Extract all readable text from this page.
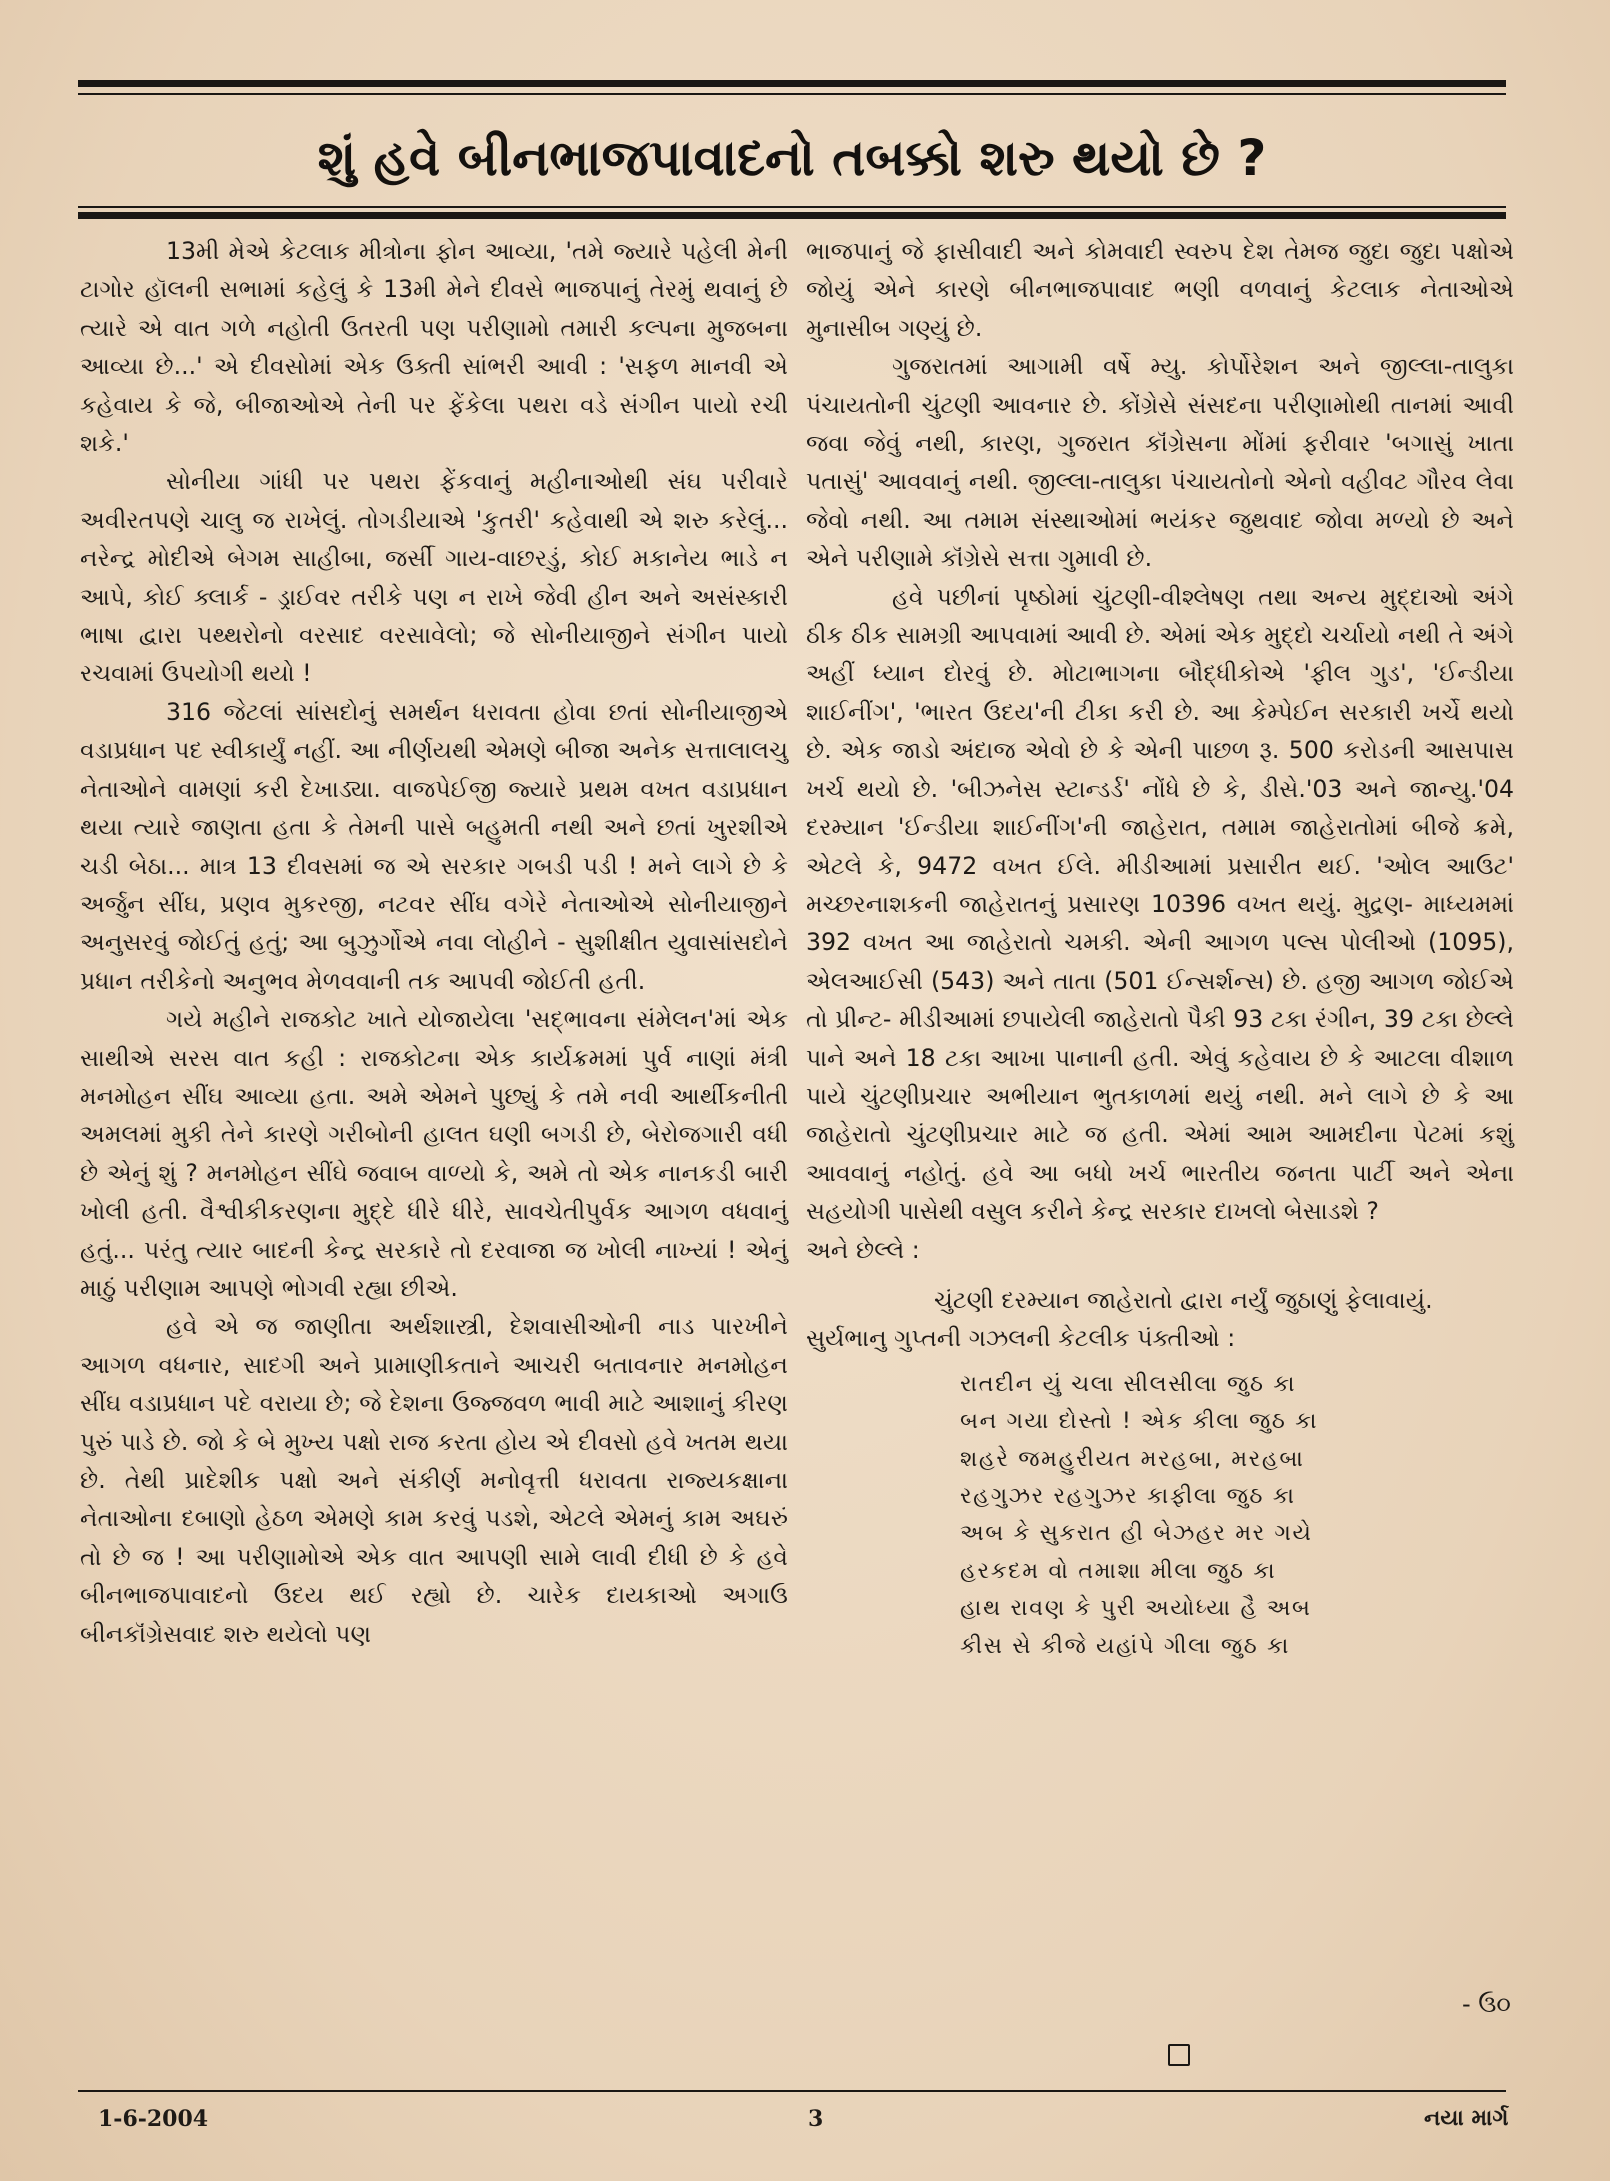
શું હવે બીનભાજપાવાદનો તબક્કો શરુ થયો છે ?

13મી મેએ કેટલાક મીત્રોના ફોન આવ્યા, 'તમે જ્યારે પહેલી મેની ટાગોર હૉલની સભામાં કહેલું કે 13મી મેને દીવસે ભાજપાનું તેરમું થવાનું છે ત્યારે એ વાત ગળે નહોતી ઉતરતી પણ પરીણામો તમારી કલ્પના મુજબના આવ્યા છે...' એ દીવસોમાં એક ઉક્તી સાંભરી આવી : 'સફળ માનવી એ કહેવાય કે જે, બીજાઓએ તેની પર ફેંકેલા પથરા વડે સંગીન પાયો રચી શકે.'

સોનીયા ગાંધી પર પથરા ફેંકવાનું મહીનાઓથી સંઘ પરીવારે અવીરતપણે ચાલુ જ રાખેલું. તોગડીયાએ 'કુતરી' કહેવાથી એ શરુ કરેલું... નરેન્દ્ર મોદીએ બેગમ સાહીબા, જર્સી ગાય-વાછરડું, કોઈ મકાનેય ભાડે ન આપે, કોઈ ક્લાર્ક - ડ્રાઈવર તરીકે પણ ન રાખે જેવી હીન અને અસંસ્કારી ભાષા દ્વારા પથ્થરોનો વરસાદ વરસાવેલો; જે સોનીયાજીને સંગીન પાયો રચવામાં ઉપયોગી થયો !

316 જેટલાં સાંસદોનું સમર્થન ધરાવતા હોવા છતાં સોનીયાજીએ વડાપ્રધાન પદ સ્વીકાર્યું નહીં. આ નીર્ણયથી એમણે બીજા અનેક સત્તાલાલચુ નેતાઓને વામણાં કરી દેખાડ્યા. વાજપેઈજી જ્યારે પ્રથમ વખત વડાપ્રધાન થયા ત્યારે જાણતા હતા કે તેમની પાસે બહુમતી નથી અને છતાં ખુરશીએ ચડી બેઠા... માત્ર 13 દીવસમાં જ એ સરકાર ગબડી પડી ! મને લાગે છે કે અર્જુન સીંઘ, પ્રણવ મુકરજી, નટવર સીંઘ વગેરે નેતાઓએ સોનીયાજીને અનુસરવું જોઈતું હતું; આ બુઝુર્ગોએ નવા લોહીને - સુશીક્ષીત યુવાસાંસદોને પ્રધાન તરીકેનો અનુભવ મેળવવાની તક આપવી જોઈતી હતી.

ગયે મહીને રાજકોટ ખાતે યોજાયેલા 'સદ્ભાવના સંમેલન'માં એક સાથીએ સરસ વાત કહી : રાજકોટના એક કાર્યક્રમમાં પુર્વ નાણાં મંત્રી મનમોહન સીંઘ આવ્યા હતા. અમે એમને પુછ્યું કે તમે નવી આર્થીકનીતી અમલમાં મુકી તેને કારણે ગરીબોની હાલત ઘણી બગડી છે, બેરોજગારી વધી છે એનું શું ? મનમોહન સીંઘે જવાબ વાળ્યો કે, અમે તો એક નાનકડી બારી ખોલી હતી. વૈશ્વીકીકરણના મુદ્દે ધીરે ધીરે, સાવચેતીપુર્વક આગળ વધવાનું હતું... પરંતુ ત્યાર બાદની કેન્દ્ર સરકારે તો દરવાજા જ ખોલી નાખ્યાં ! એનું માઠું પરીણામ આપણે ભોગવી રહ્યા છીએ.

હવે એ જ જાણીતા અર્થશાસ્ત્રી, દેશવાસીઓની નાડ પારખીને આગળ વધનાર, સાદગી અને પ્રામાણીકતાને આચરી બતાવનાર મનમોહન સીંઘ વડાપ્રધાન પદે વરાયા છે; જે દેશના ઉજ્જવળ ભાવી માટે આશાનું કીરણ પુરું પાડે છે. જો કે બે મુખ્ય પક્ષો રાજ કરતા હોય એ દીવસો હવે ખતમ થયા છે. તેથી પ્રાદેશીક પક્ષો અને સંકીર્ણ મનોવૃત્તી ધરાવતા રાજ્યકક્ષાના નેતાઓના દબાણો હેઠળ એમણે કામ કરવું પડશે, એટલે એમનું કામ અઘરું તો છે જ ! આ પરીણામોએ એક વાત આપણી સામે લાવી દીધી છે કે હવે બીનભાજપાવાદનો ઉદય થઈ રહ્યો છે. ચારેક દાયકાઓ અગાઉ બીનકૉંગ્રેસવાદ શરુ થયેલો પણ

ભાજપાનું જે ફાસીવાદી અને કોમવાદી સ્વરુપ દેશ તેમજ જુદા જુદા પક્ષોએ જોયું એને કારણે બીનભાજપાવાદ ભણી વળવાનું કેટલાક નેતાઓએ મુનાસીબ ગણ્યું છે.

ગુજરાતમાં આગામી વર્ષે મ્યુ. કોર્પોરેશન અને જીલ્લા-તાલુકા પંચાયતોની ચુંટણી આવનાર છે. કોંગ્રેસે સંસદના પરીણામોથી તાનમાં આવી જવા જેવું નથી, કારણ, ગુજરાત કૉંગ્રેસના મોંમાં ફરીવાર 'બગાસું ખાતા પતાસું' આવવાનું નથી. જીલ્લા-તાલુકા પંચાયતોનો એનો વહીવટ ગૌરવ લેવા જેવો નથી. આ તમામ સંસ્થાઓમાં ભયંકર જુથવાદ જોવા મળ્યો છે અને એને પરીણામે કૉંગ્રેસે સત્તા ગુમાવી છે.

હવે પછીનાં પૃષ્ઠોમાં ચુંટણી-વીશ્લેષણ તથા અન્ય મુદ્દાઓ અંગે ઠીક ઠીક સામગ્રી આપવામાં આવી છે. એમાં એક મુદ્દો ચર્ચાયો નથી તે અંગે અહીં ધ્યાન દોરવું છે. મોટાભાગના બૌદ્ધીકોએ 'ફીલ ગુડ', 'ઈન્ડીયા શાઈનીંગ', 'ભારત ઉદય'ની ટીકા કરી છે. આ કેમ્પેઈન સરકારી ખર્ચે થયો છે. એક જાડો અંદાજ એવો છે કે એની પાછળ રૂ. 500 કરોડની આસપાસ ખર્ચ થયો છે. 'બીઝનેસ સ્ટાન્ડર્ડ' નોંધે છે કે, ડીસે.'03 અને જાન્યુ.'04 દરમ્યાન 'ઈન્ડીયા શાઈનીંગ'ની જાહેરાત, તમામ જાહેરાતોમાં બીજે ક્રમે, એટલે કે, 9472 વખત ઈલે. મીડીઆમાં પ્રસારીત થઈ. 'ઓલ આઉટ' મચ્છરનાશકની જાહેરાતનું પ્રસારણ 10396 વખત થયું. મુદ્રણ- માધ્યમમાં 392 વખત આ જાહેરાતો ચમકી. એની આગળ પલ્સ પોલીઓ (1095), એલઆઈસી (543) અને તાતા (501 ઈન્સર્શન્સ) છે. હજી આગળ જોઈએ તો પ્રીન્ટ- મીડીઆમાં છપાયેલી જાહેરાતો પૈકી 93 ટકા રંગીન, 39 ટકા છેલ્લે પાને અને 18 ટકા આખા પાનાની હતી. એવું કહેવાય છે કે આટલા વીશાળ પાયે ચુંટણીપ્રચાર અભીયાન ભુતકાળમાં થયું નથી. મને લાગે છે કે આ જાહેરાતો ચુંટણીપ્રચાર માટે જ હતી. એમાં આમ આમદીના પેટમાં કશું આવવાનું નહોતું. હવે આ બધો ખર્ચ ભારતીય જનતા પાર્ટી અને એના સહયોગી પાસેથી વસુલ કરીને કેન્દ્ર સરકાર દાખલો બેસાડશે ?

અને છેલ્લે :

ચુંટણી દરમ્યાન જાહેરાતો દ્વારા નર્યું જુઠાણું ફેલાવાયું.

સુર્યભાનુ ગુપ્તની ગઝલની કેટલીક પંક્તીઓ :

રાતદીન યું ચલા સીલસીલા જુઠ કા
બન ગયા દોસ્તો ! એક કીલા જુઠ કા
શહરે જમહુરીયત મરહબા, મરહબા
રહગુઝર રહગુઝર કાફીલા જુઠ કા
અબ કે સુકરાત હી બેઝહર મર ગયે
હરકદમ વો તમાશા મીલા જુઠ કા
હાથ રાવણ કે પુરી અયોધ્યા હૈ અબ
કીસ સે કીજે યહાંપે ગીલા જુઠ કા
- ઉ૦
1-6-2004	3	નયા માર્ગ
